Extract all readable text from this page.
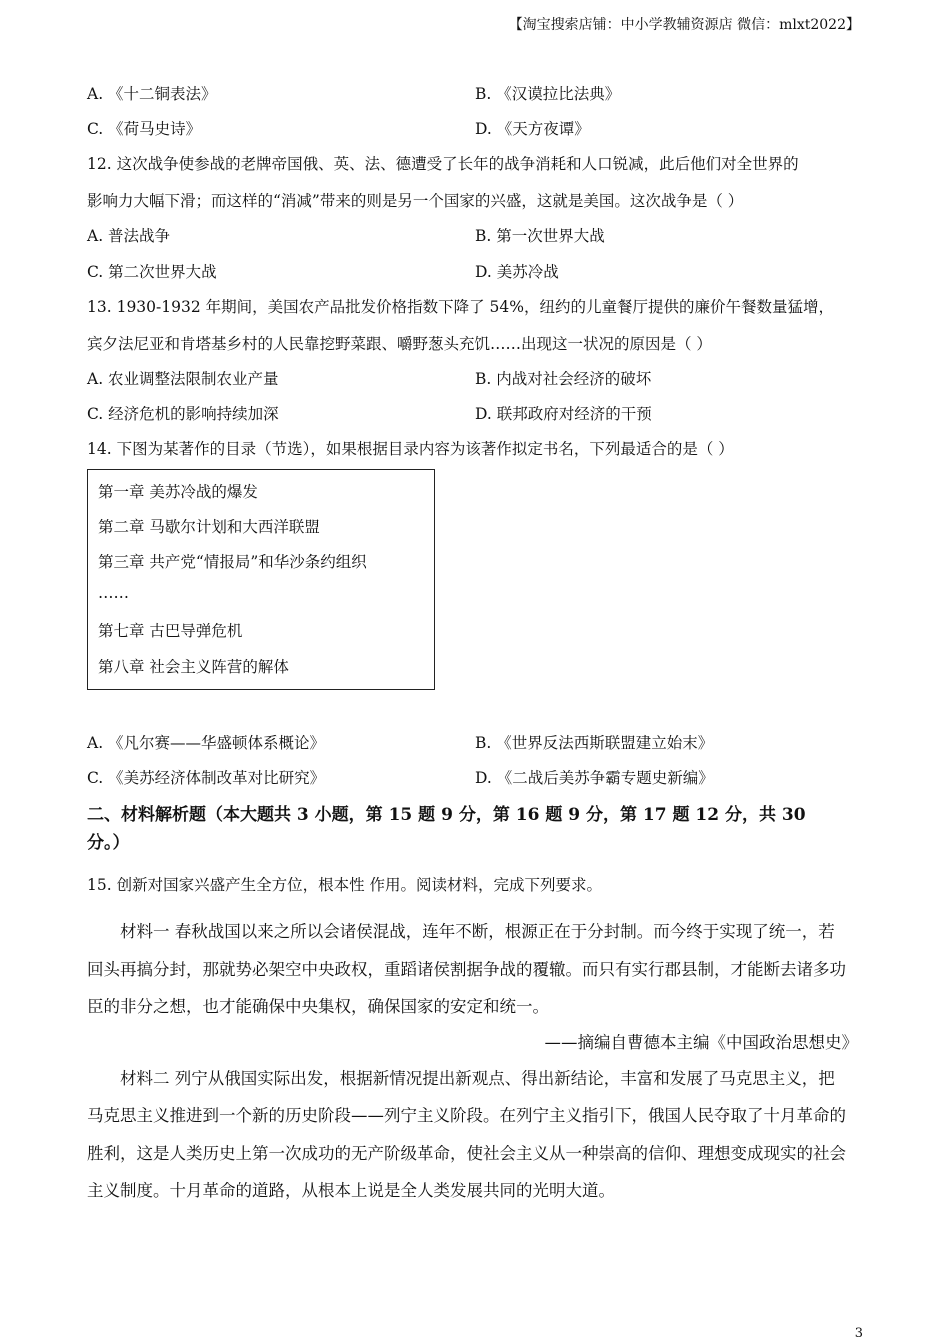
【淘宝搜索店铺：中小学教辅资源店 微信：mlxt2022】
A. 《十二铜表法》	B. 《汉谟拉比法典》
C. 《荷马史诗》	D. 《天方夜谭》
12. 这次战争使参战的老牌帝国俄、英、法、德遭受了长年的战争消耗和人口锐减，此后他们对全世界的
影响力大幅下滑；而这样的“消减”带来的则是另一个国家的兴盛，这就是美国。这次战争是（ ）
A. 普法战争	B. 第一次世界大战
C. 第二次世界大战	D. 美苏冷战
13. 1930-1932 年期间，美国农产品批发价格指数下降了 54%，纽约的儿童餐厅提供的廉价午餐数量猛增，
宾夕法尼亚和肯塔基乡村的人民靠挖野菜跟、嚼野葱头充饥……出现这一状况的原因是（ ）
A. 农业调整法限制农业产量	B. 内战对社会经济的破坏
C. 经济危机的影响持续加深	D. 联邦政府对经济的干预
14. 下图为某著作的目录（节选），如果根据目录内容为该著作拟定书名，下列最适合的是（ ）
第一章 美苏冷战的爆发
第二章 马歇尔计划和大西洋联盟
第三章 共产党“情报局”和华沙条约组织
……
第七章 古巴导弹危机
第八章 社会主义阵营的解体
A. 《凡尔赛——华盛顿体系概论》	B. 《世界反法西斯联盟建立始末》
C. 《美苏经济体制改革对比研究》	D. 《二战后美苏争霸专题史新编》
二、材料解析题（本大题共 3 小题，第 15 题 9 分，第 16 题 9 分，第 17 题 12 分，共 30
分。）
15. 创新对国家兴盛产生全方位，根本性 作用。阅读材料，完成下列要求。
材料一 春秋战国以来之所以会诸侯混战，连年不断，根源正在于分封制。而今终于实现了统一，若
回头再搞分封，那就势必架空中央政权，重蹈诸侯割据争战的覆辙。而只有实行郡县制，才能断去诸多功
臣的非分之想，也才能确保中央集权，确保国家的安定和统一。
——摘编自曹德本主编《中国政治思想史》
材料二 列宁从俄国实际出发，根据新情况提出新观点、得出新结论，丰富和发展了马克思主义，把
马克思主义推进到一个新的历史阶段——列宁主义阶段。在列宁主义指引下，俄国人民夺取了十月革命的
胜利，这是人类历史上第一次成功的无产阶级革命，使社会主义从一种崇高的信仰、理想变成现实的社会
主义制度。十月革命的道路，从根本上说是全人类发展共同的光明大道。
3
